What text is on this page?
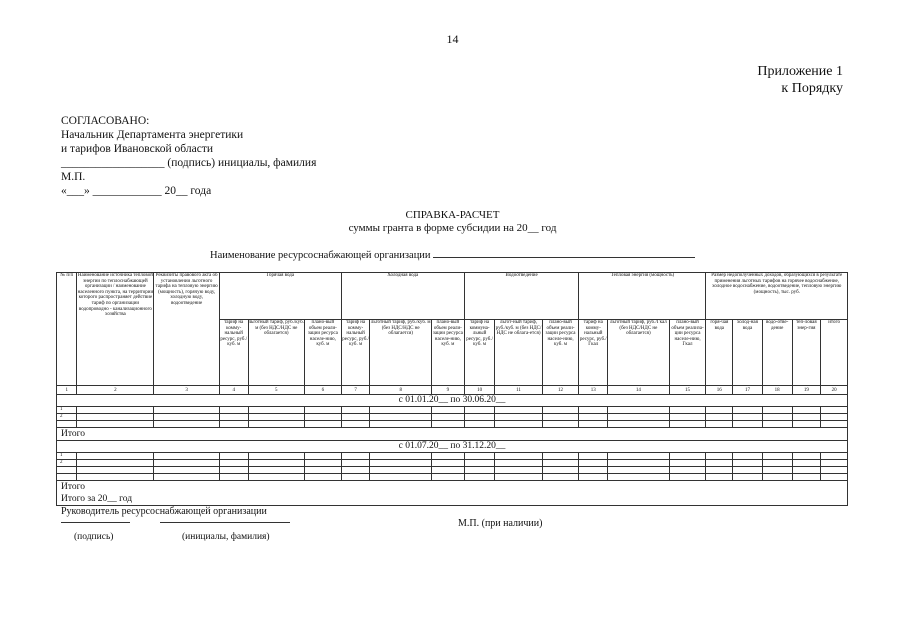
14
Приложение 1
к Порядку
СОГЛАСОВАНО:
Начальник Департамента энергетики
и тарифов Ивановской области
__________________ (подпись) инициалы, фамилия
М.П.
«___» ____________ 20__ года
СПРАВКА-РАСЧЕТ
суммы гранта в форме субсидии на 20__ год
Наименование ресурсоснабжающей организации
№ п/п	Наименование источника тепловой энергии по теплоснабжающей организации / наименование населенного пункта, на территории которого распространяет действие тариф по организации водопроводно - канализационного хозяйства	Реквизиты правового акта об установлении льготного тарифа на тепловую энергию (мощность), горячую воду, холодную воду, водоотведение	Горячая вода			Холодная вода			Водоотведение			Тепловая энергия (мощность)			Размер недополученных доходов, образующихся в результате применения льготных тарифов на горячее водоснабжение, холодное водоснабжение, водоотведение, тепловую энергию (мощность), тыс. руб.				
			тариф на комму-нальный ресурс, руб./куб. м	льготный тариф, руб./куб. м (без НДС/НДС не облагается)	плано-вый объем реали-зации ресурса населе-нию, куб. м	тариф на комму-нальный ресурс, руб./куб. м	льготный тариф, руб./куб. м (без НДС/НДС не облагается)	плано-вый объем реали-зации ресурса населе-нию, куб. м	тариф на коммуна-льный ресурс, руб./куб. м	льгот-ный тариф, руб./куб. м (без НДС/НДС не облага-ется)	плано-вый объем реали-зации ресурса населе-нию, куб. м	тариф на комму-нальный ресурс, руб./ Гкал	льготный тариф, руб./Гкал (без НДС/НДС не облагается)	плано-вый объем реализа-ции ресурса населе-нию, Гкал	горя-чая вода	холод-ная вода	водо-отве-дение	теп-ловая энер-гия	итого
1	2	3	4	5	6	7	8	9	10	11	12	13	14	15	16	17	18	19	20
с 01.01.20__ по 30.06.20__																			
1																			
2																			

Итого																			
с 01.07.20__ по 31.12.20__																			
1																			
2																			

Итого																			
Итого за 20__ год																			
Руководитель ресурсоснабжающей организации
(подпись)	(инициалы, фамилия)
М.П. (при наличии)
